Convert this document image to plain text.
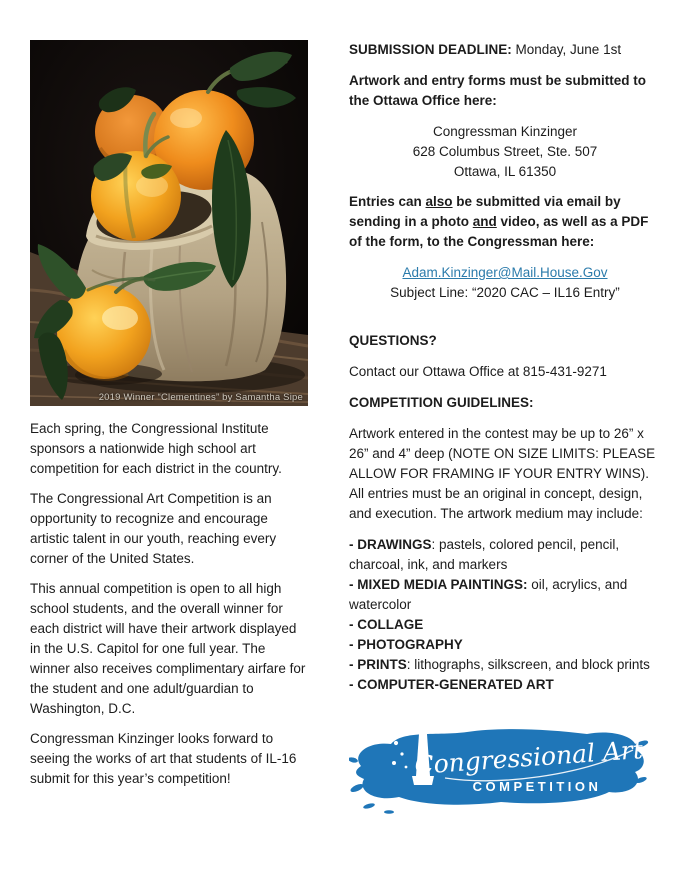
2019 Winner “Clementines” by Samantha Sipe

Each spring, the Congressional Institute sponsors a nationwide high school art competition for each district in the country.

The Congressional Art Competition is an opportunity to recognize and encourage artistic talent in our youth, reaching every corner of the United States.

This annual competition is open to all high school students, and the overall winner for each district will have their artwork displayed in the U.S. Capitol for one full year. The winner also receives complimentary airfare for the student and one adult/guardian to Washington, D.C.

Congressman Kinzinger looks forward to seeing the works of art that students of IL-16 submit for this year’s competition!

SUBMISSION DEADLINE: Monday, June 1st

Artwork and entry forms must be submitted to the Ottawa Office here:

Congressman Kinzinger
628 Columbus Street, Ste. 507
Ottawa, IL 61350

Entries can also be submitted via email by sending in a photo and video, as well as a PDF of the form, to the Congressman here:

Adam.Kinzinger@Mail.House.Gov
Subject Line: “2020 CAC – IL16 Entry”

QUESTIONS?

Contact our Ottawa Office at 815-431-9271

COMPETITION GUIDELINES:

Artwork entered in the contest may be up to 26” x 26” and 4” deep (NOTE ON SIZE LIMITS: PLEASE ALLOW FOR FRAMING IF YOUR ENTRY WINS). All entries must be an original in concept, design, and execution. The artwork medium may include:

- DRAWINGS: pastels, colored pencil, pencil, charcoal, ink, and markers
- MIXED MEDIA PAINTINGS: oil, acrylics, and watercolor
- COLLAGE
- PHOTOGRAPHY
- PRINTS: lithographs, silkscreen, and block prints
- COMPUTER-GENERATED ART
Congressional Art
COMPETITION
